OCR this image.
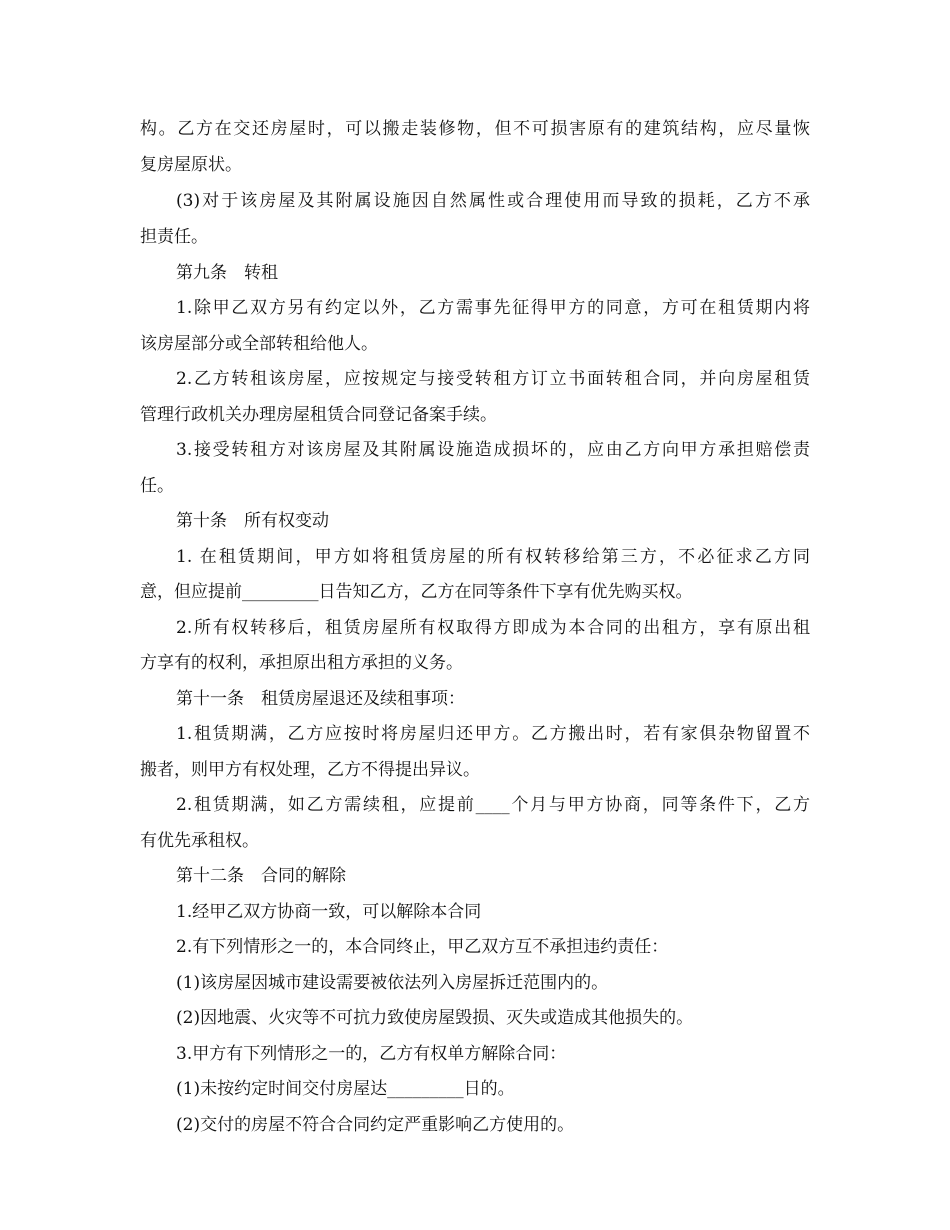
构。乙方在交还房屋时，可以搬走装修物，但不可损害原有的建筑结构，应尽量恢
复房屋原状。
(3)对于该房屋及其附属设施因自然属性或合理使用而导致的损耗，乙方不承
担责任。
第九条　转租
1.除甲乙双方另有约定以外，乙方需事先征得甲方的同意，方可在租赁期内将
该房屋部分或全部转租给他人。
2.乙方转租该房屋，应按规定与接受转租方订立书面转租合同，并向房屋租赁
管理行政机关办理房屋租赁合同登记备案手续。
3.接受转租方对该房屋及其附属设施造成损坏的，应由乙方向甲方承担赔偿责
任。
第十条　所有权变动
1. 在租赁期间，甲方如将租赁房屋的所有权转移给第三方，不必征求乙方同
意，但应提前_________日告知乙方，乙方在同等条件下享有优先购买权。
2.所有权转移后，租赁房屋所有权取得方即成为本合同的出租方，享有原出租
方享有的权利，承担原出租方承担的义务。
第十一条　租赁房屋退还及续租事项：
1.租赁期满，乙方应按时将房屋归还甲方。乙方搬出时，若有家俱杂物留置不
搬者，则甲方有权处理，乙方不得提出异议。
2.租赁期满，如乙方需续租，应提前____个月与甲方协商，同等条件下，乙方
有优先承租权。
第十二条　合同的解除
1.经甲乙双方协商一致，可以解除本合同
2.有下列情形之一的，本合同终止，甲乙双方互不承担违约责任：
(1)该房屋因城市建设需要被依法列入房屋拆迁范围内的。
(2)因地震、火灾等不可抗力致使房屋毁损、灭失或造成其他损失的。
3.甲方有下列情形之一的，乙方有权单方解除合同：
(1)未按约定时间交付房屋达_________日的。
(2)交付的房屋不符合合同约定严重影响乙方使用的。
